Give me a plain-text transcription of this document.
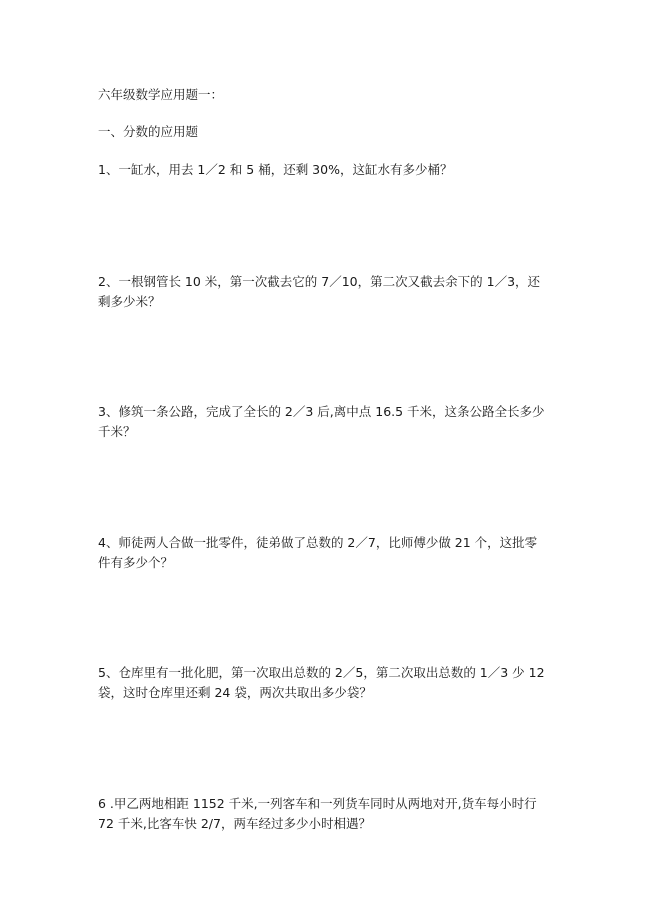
六年级数学应用题一：

一、分数的应用题

1、一缸水，用去 1／2 和 5 桶，还剩 30%，这缸水有多少桶？
2、一根钢管长 10 米，第一次截去它的 7／10，第二次又截去余下的 1／3，还
剩多少米？
3、修筑一条公路，完成了全长的 2／3 后,离中点 16.5 千米，这条公路全长多少
千米？
4、师徒两人合做一批零件，徒弟做了总数的 2／7，比师傅少做 21 个，这批零
件有多少个？
5、仓库里有一批化肥，第一次取出总数的 2／5，第二次取出总数的 1／3 少 12
袋，这时仓库里还剩 24 袋，两次共取出多少袋？
6 .甲乙两地相距 1152 千米,一列客车和一列货车同时从两地对开,货车每小时行
72 千米,比客车快 2/7，两车经过多少小时相遇？
